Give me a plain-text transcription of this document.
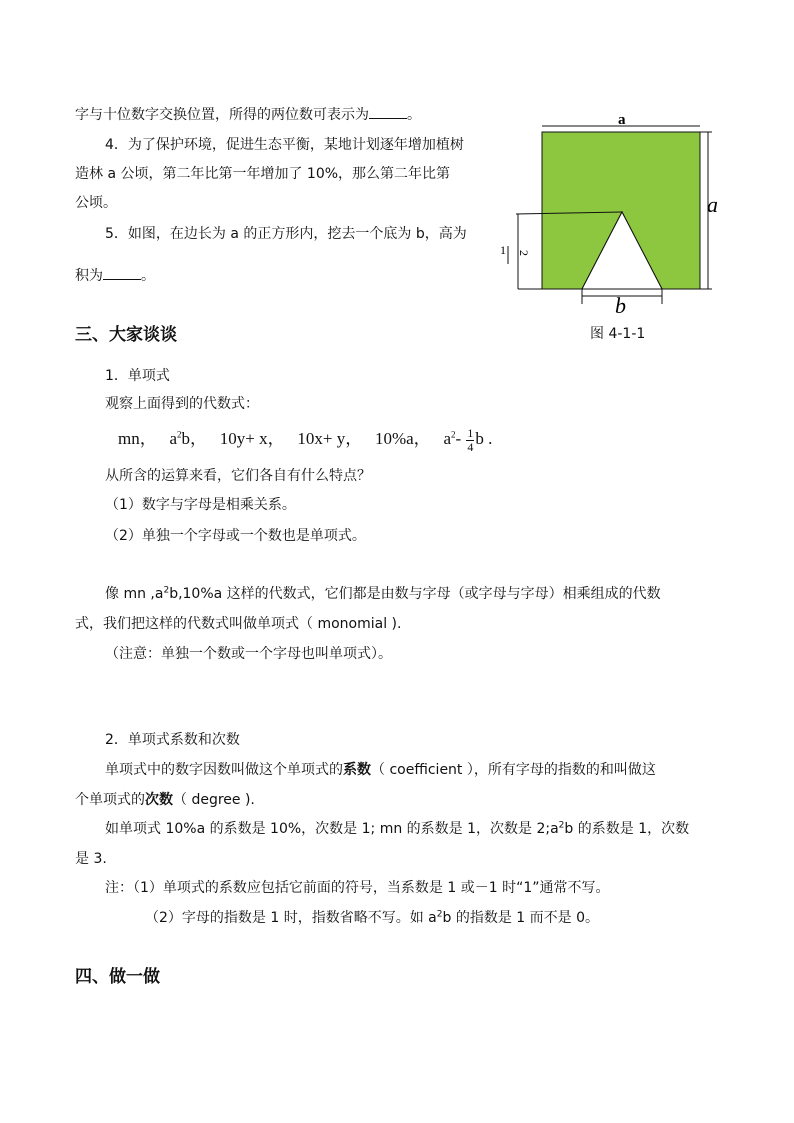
字与十位数字交换位置，所得的两位数可表示为	。
4．为了保护环境，促进生态平衡，某地计划逐年增加植树
造林 a 公顷，第二年比第一年增加了 10%，那么第二年比第
公顷。
5．如图，在边长为 a 的正方形内，挖去一个底为 b，高为
积为	。
a
a
1 2
b
图 4-1-1
三、大家谈谈
1．单项式
观察上面得到的代数式：
mn， $a^2b$， 10y+ x， 10x+ y， 10%a， $a^2- \frac{1}{4}$ b .
从所含的运算来看，它们各自有什么特点？
（1）数字与字母是相乘关系。
（2）单独一个字母或一个数也是单项式。
像 mn $,a^2b,10\%a$ 这样的代数式，它们都是由数与字母（或字母与字母）相乘组成的代数
式，我们把这样的代数式叫做单项式（ monomial ).
（注意：单独一个数或一个字母也叫单项式）。
2．单项式系数和次数
单项式中的数字因数叫做这个单项式的系数（ coefficient ），所有字母的指数的和叫做这
个单项式的次数（ degree ).
如单项式 10%a 的系数是 10%，次数是 1; mn 的系数是 1，次数是 $2;a^2b$ 的系数是 1，次数
是 3.
注：（1）单项式的系数应包括它前面的符号，当系数是 1 或－1 时“1”通常不写。
（2）字母的指数是 1 时，指数省略不写。如 $a^2b$ 的指数是 1 而不是 0。
四、做一做
